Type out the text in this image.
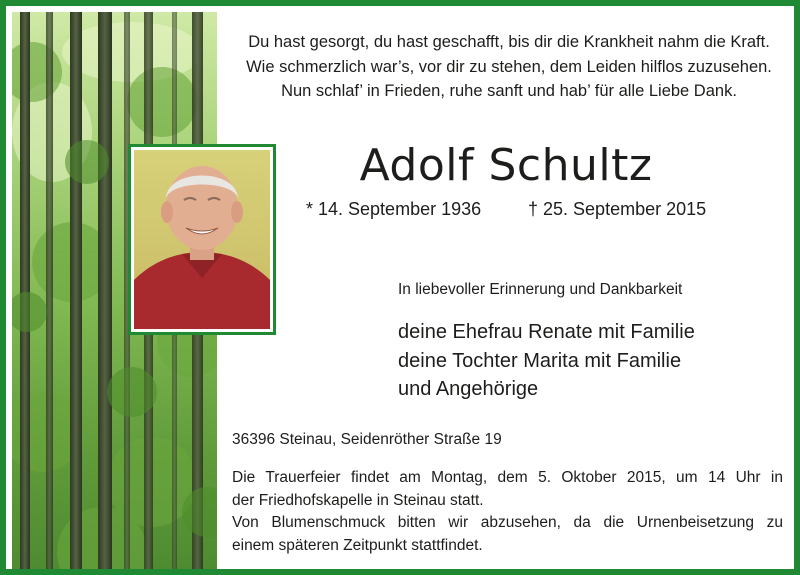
Du hast gesorgt, du hast geschafft, bis dir die Krankheit nahm die Kraft.
Wie schmerzlich war’s, vor dir zu stehen, dem Leiden hilflos zuzusehen.
Nun schlaf’ in Frieden, ruhe sanft und hab’ für alle Liebe Dank.
Adolf Schultz
* 14. September 1936	† 25. September 2015
In liebevoller Erinnerung und Dankbarkeit
deine Ehefrau Renate mit Familie
deine Tochter Marita mit Familie
und Angehörige
36396 Steinau, Seidenröther Straße 19
Die Trauerfeier findet am Montag, dem 5. Oktober 2015, um 14 Uhr in
der Friedhofskapelle in Steinau statt.
Von Blumenschmuck bitten wir abzusehen, da die Urnenbeisetzung zu
einem späteren Zeitpunkt stattfindet.
